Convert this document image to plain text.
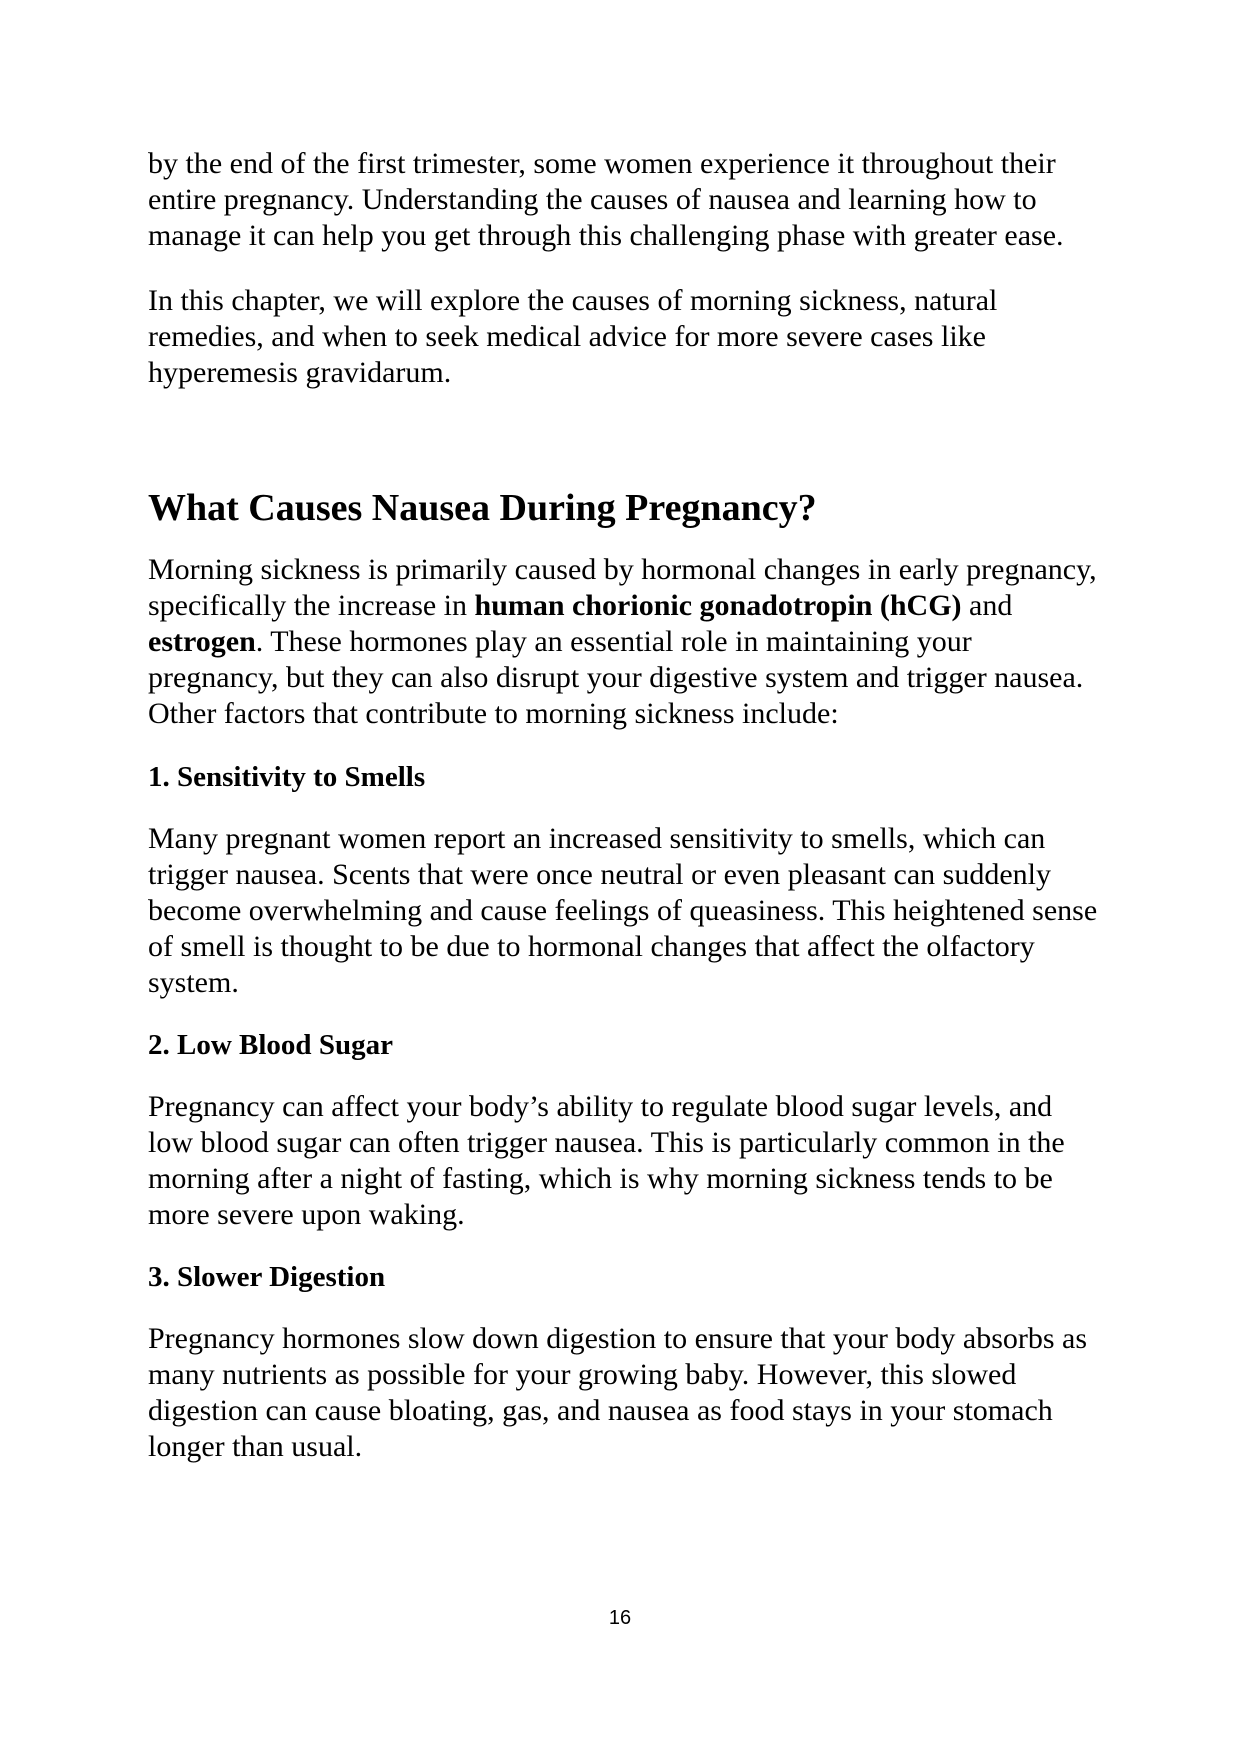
by the end of the first trimester, some women experience it throughout their entire pregnancy. Understanding the causes of nausea and learning how to manage it can help you get through this challenging phase with greater ease.

In this chapter, we will explore the causes of morning sickness, natural remedies, and when to seek medical advice for more severe cases like hyperemesis gravidarum.

What Causes Nausea During Pregnancy?

Morning sickness is primarily caused by hormonal changes in early pregnancy, specifically the increase in human chorionic gonadotropin (hCG) and estrogen. These hormones play an essential role in maintaining your pregnancy, but they can also disrupt your digestive system and trigger nausea. Other factors that contribute to morning sickness include:

1. Sensitivity to Smells

Many pregnant women report an increased sensitivity to smells, which can trigger nausea. Scents that were once neutral or even pleasant can suddenly become overwhelming and cause feelings of queasiness. This heightened sense of smell is thought to be due to hormonal changes that affect the olfactory system.

2. Low Blood Sugar

Pregnancy can affect your body’s ability to regulate blood sugar levels, and low blood sugar can often trigger nausea. This is particularly common in the morning after a night of fasting, which is why morning sickness tends to be more severe upon waking.

3. Slower Digestion

Pregnancy hormones slow down digestion to ensure that your body absorbs as many nutrients as possible for your growing baby. However, this slowed digestion can cause bloating, gas, and nausea as food stays in your stomach longer than usual.

16
